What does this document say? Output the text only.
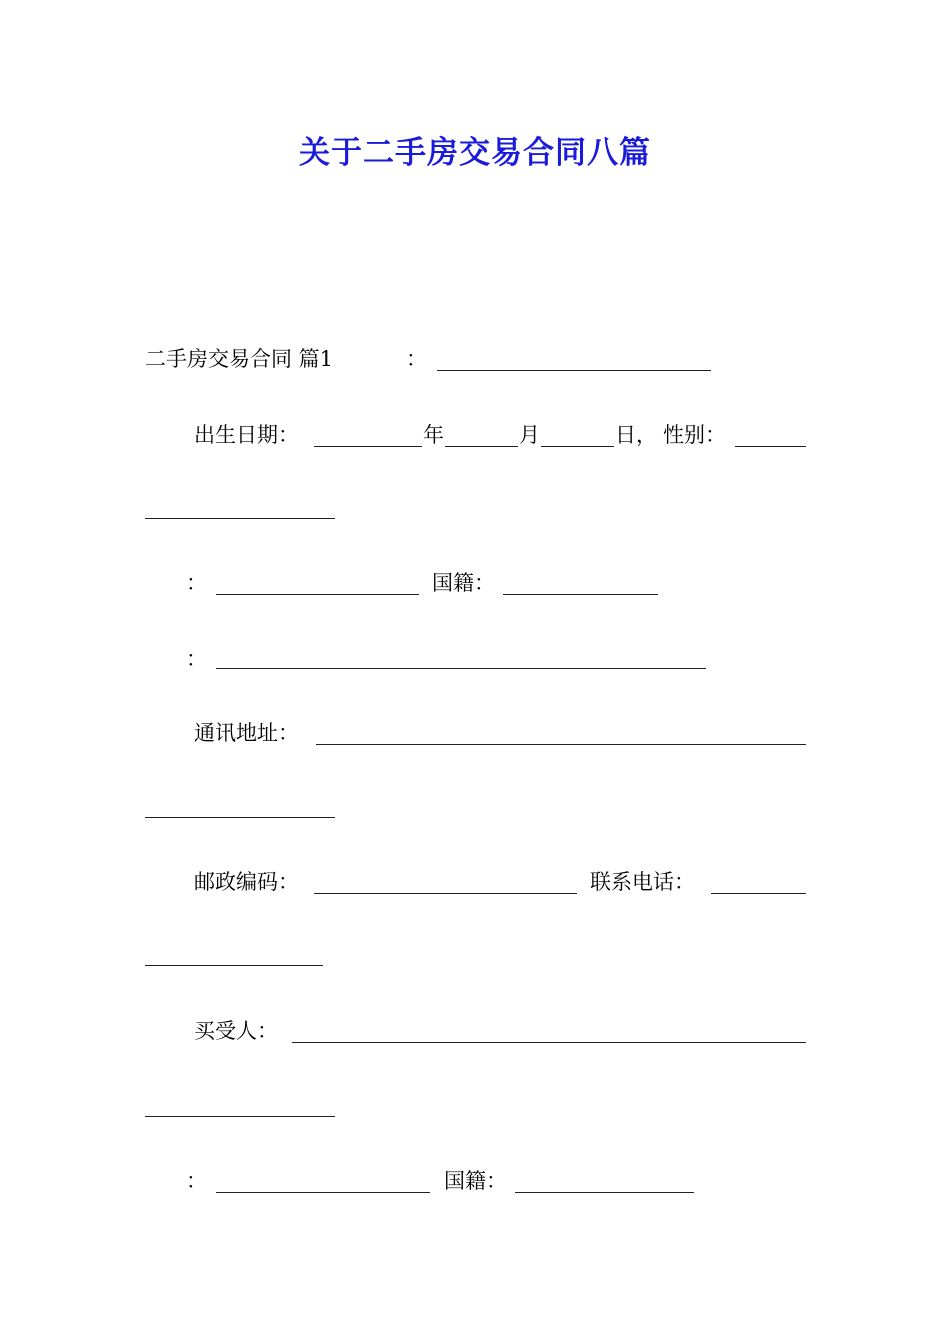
关于二手房交易合同八篇
二手房交易合同 篇1	：
出生日期：	年	月	日， 性别：
：	国籍：
：
通讯地址：
邮政编码：	联系电话：
买受人：
：	国籍：
